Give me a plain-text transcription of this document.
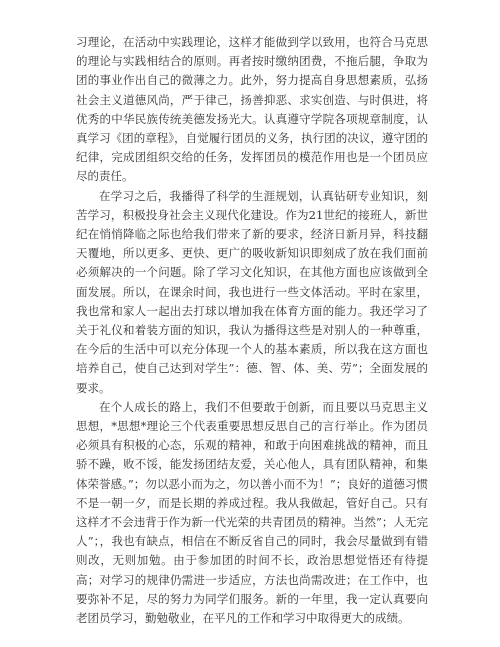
习理论，在活动中实践理论，这样才能做到学以致用，也符合马克思的理论与实践相结合的原则。再者按时缴纳团费，不拖后腿，争取为团的事业作出自己的微薄之力。此外，努力提高自身思想素质，弘扬社会主义道德风尚，严于律己，扬善抑恶、求实创造、与时俱进，将优秀的中华民族传统美德发扬光大。认真遵守学院各项规章制度，认真学习《团的章程》，自觉履行团员的义务，执行团的决议，遵守团的纪律，完成团组织交给的任务，发挥团员的模范作用也是一个团员应尽的责任。

在学习之后，我播得了科学的生涯规划，认真钻研专业知识，刻苦学习，积极投身社会主义现代化建设。作为21世纪的接班人，新世纪在悄悄降临之际也给我们带来了新的要求，经济日新月异，科技翻天覆地，所以更多、更快、更广的吸收新知识即刻成了放在我们面前必须解决的一个问题。除了学习文化知识，在其他方面也应该做到全面发展。所以，在课余时间，我也进行一些文体活动。平时在家里，我也常和家人一起出去打球以增加我在体育方面的能力。我还学习了关于礼仪和着装方面的知识，我认为播得这些是对别人的一种尊重，在今后的生活中可以充分体现一个人的基本素质，所以我在这方面也培养自己，使自己达到对学生”：德、智、体、美、劳”；全面发展的要求。

在个人成长的路上，我们不但要敢于创新，而且要以马克思主义思想，*思想*理论三个代表重要思想反思自己的言行举止。作为团员必须具有积极的心态，乐观的精神，和敢于向困难挑战的精神，而且骄不躁，败不馁，能发扬团结友爱，关心他人，具有团队精神，和集体荣誉感。”；勿以恶小而为之，勿以善小而不为！”；良好的道德习惯不是一朝一夕，而是长期的养成过程。我从我做起，管好自己。只有这样才不会违背于作为新一代光荣的共青团员的精神。当然”；人无完人”；，我也有缺点，相信在不断反省自己的同时，我会尽量做到有错则改，无则加勉。由于参加团的时间不长，政治思想觉悟还有待提高；对学习的规律仍需进一步适应，方法也尚需改进；在工作中，也要弥补不足，尽的努力为同学们服务。新的一年里，我一定认真要向老团员学习，勤勉敬业，在平凡的工作和学习中取得更大的成绩。
